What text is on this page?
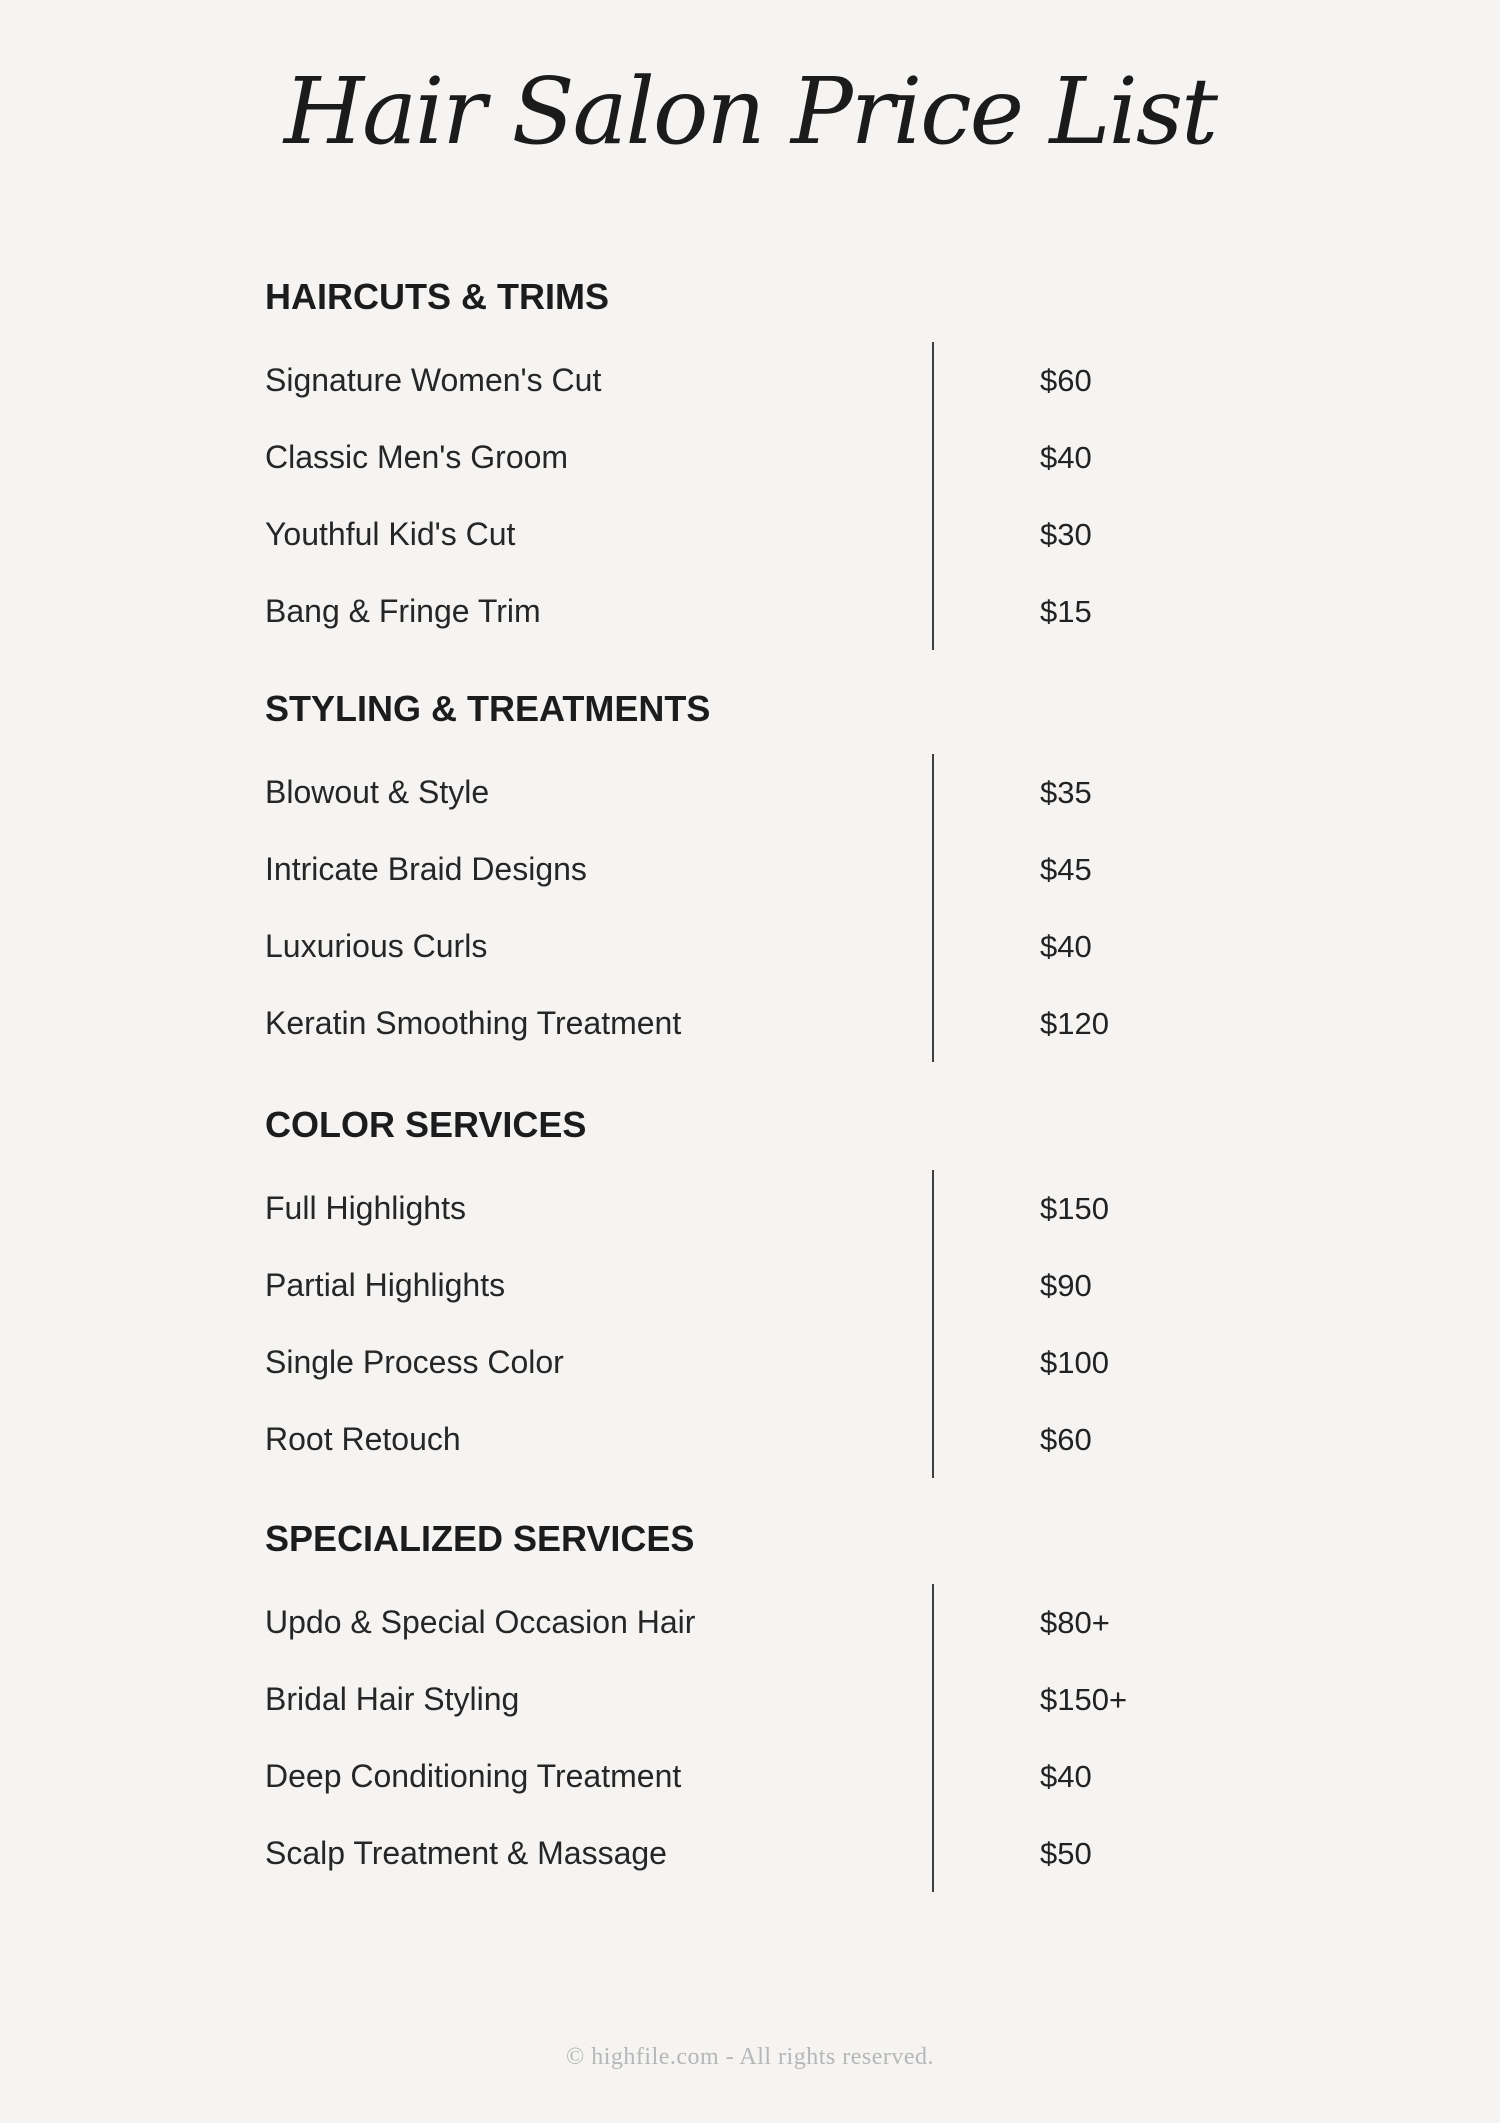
Hair Salon Price List
HAIRCUTS & TRIMS
Signature Women's Cut	$60
Classic Men's Groom	$40
Youthful Kid's Cut	$30
Bang & Fringe Trim	$15
STYLING & TREATMENTS
Blowout & Style	$35
Intricate Braid Designs	$45
Luxurious Curls	$40
Keratin Smoothing Treatment	$120
COLOR SERVICES
Full Highlights	$150
Partial Highlights	$90
Single Process Color	$100
Root Retouch	$60
SPECIALIZED SERVICES
Updo & Special Occasion Hair	$80+
Bridal Hair Styling	$150+
Deep Conditioning Treatment	$40
Scalp Treatment & Massage	$50
© highfile.com - All rights reserved.
